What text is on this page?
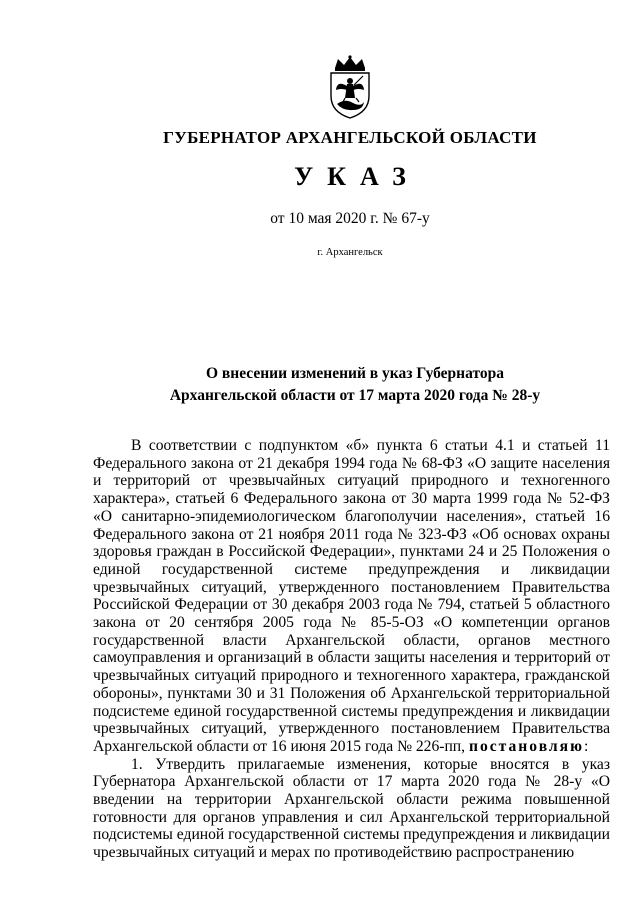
ГУБЕРНАТОР АРХАНГЕЛЬСКОЙ ОБЛАСТИ
УКАЗ
от 10 мая 2020 г. № 67-у
г. Архангельск
О внесении изменений в указ Губернатора
Архангельской области от 17 марта 2020 года № 28-у

В соответствии с подпунктом «б» пункта 6 статьи 4.1 и статьей 11 Федерального закона от 21 декабря 1994 года № 68-ФЗ «О защите населения и территорий от чрезвычайных ситуаций природного и техногенного характера», статьей 6 Федерального закона от 30 марта 1999 года № 52-ФЗ «О санитарно-эпидемиологическом благополучии населения», статьей 16 Федерального закона от 21 ноября 2011 года № 323-ФЗ «Об основах охраны здоровья граждан в Российской Федерации», пунктами 24 и 25 Положения о единой государственной системе предупреждения и ликвидации чрезвычайных ситуаций, утвержденного постановлением Правительства Российской Федерации от 30 декабря 2003 года № 794, статьей 5 областного закона от 20 сентября 2005 года № 85-5-ОЗ «О компетенции органов государственной власти Архангельской области, органов местного самоуправления и организаций в области защиты населения и территорий от чрезвычайных ситуаций природного и техногенного характера, гражданской обороны», пунктами 30 и 31 Положения об Архангельской территориальной подсистеме единой государственной системы предупреждения и ликвидации чрезвычайных ситуаций, утвержденного постановлением Правительства Архангельской области от 16 июня 2015 года № 226-пп, постановляю:

1. Утвердить прилагаемые изменения, которые вносятся в указ Губернатора Архангельской области от 17 марта 2020 года № 28-у «О введении на территории Архангельской области режима повышенной готовности для органов управления и сил Архангельской территориальной подсистемы единой государственной системы предупреждения и ликвидации чрезвычайных ситуаций и мерах по противодействию распространению
